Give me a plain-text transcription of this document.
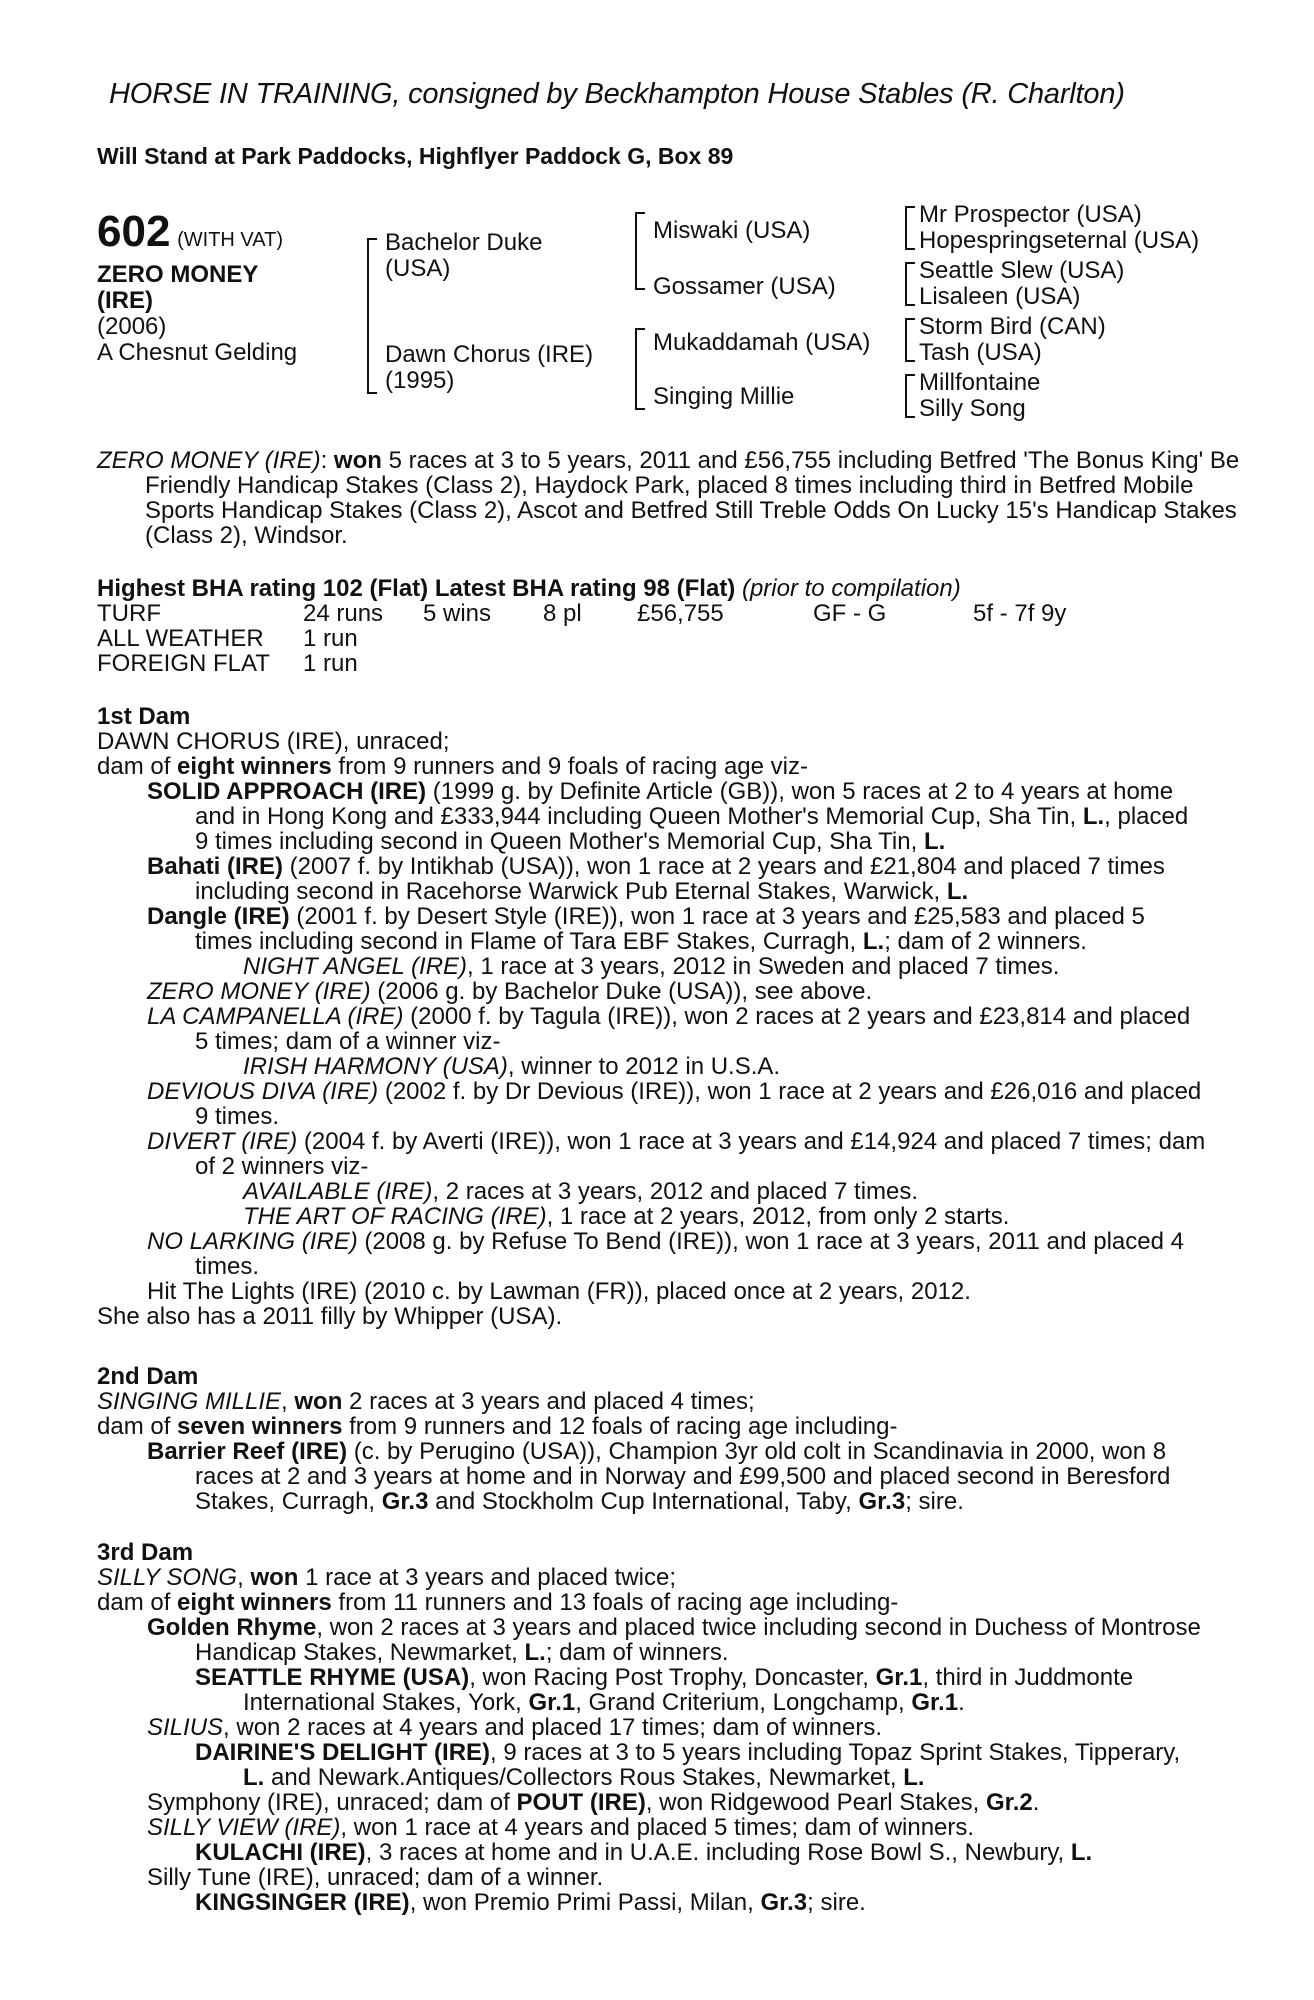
HORSE IN TRAINING, consigned by Beckhampton House Stables (R. Charlton)
Will Stand at Park Paddocks, Highflyer Paddock G, Box 89
602 (WITH VAT)
ZERO MONEY
(IRE)
(2006)
A Chesnut Gelding
Bachelor Duke
(USA)
Dawn Chorus (IRE)
(1995)
Miswaki (USA)
Gossamer (USA)
Mukaddamah (USA)
Singing Millie
Mr Prospector (USA)
Hopespringseternal (USA)
Seattle Slew (USA)
Lisaleen (USA)
Storm Bird (CAN)
Tash (USA)
Millfontaine
Silly Song
ZERO MONEY (IRE): won 5 races at 3 to 5 years, 2011 and £56,755 including Betfred 'The Bonus King' Be Friendly Handicap Stakes (Class 2), Haydock Park, placed 8 times including third in Betfred Mobile Sports Handicap Stakes (Class 2), Ascot and Betfred Still Treble Odds On Lucky 15's Handicap Stakes (Class 2), Windsor.
Highest BHA rating 102 (Flat) Latest BHA rating 98 (Flat) (prior to compilation)
TURF	24 runs	5 wins	8 pl	£56,755	GF - G	5f - 7f 9y
ALL WEATHER	1 run					
FOREIGN FLAT	1 run					
1st Dam
DAWN CHORUS (IRE), unraced;
dam of eight winners from 9 runners and 9 foals of racing age viz-
SOLID APPROACH (IRE) (1999 g. by Definite Article (GB)), won 5 races at 2 to 4 years at home and in Hong Kong and £333,944 including Queen Mother's Memorial Cup, Sha Tin, L., placed 9 times including second in Queen Mother's Memorial Cup, Sha Tin, L.
Bahati (IRE) (2007 f. by Intikhab (USA)), won 1 race at 2 years and £21,804 and placed 7 times including second in Racehorse Warwick Pub Eternal Stakes, Warwick, L.
Dangle (IRE) (2001 f. by Desert Style (IRE)), won 1 race at 3 years and £25,583 and placed 5 times including second in Flame of Tara EBF Stakes, Curragh, L.; dam of 2 winners.
NIGHT ANGEL (IRE), 1 race at 3 years, 2012 in Sweden and placed 7 times.
ZERO MONEY (IRE) (2006 g. by Bachelor Duke (USA)), see above.
LA CAMPANELLA (IRE) (2000 f. by Tagula (IRE)), won 2 races at 2 years and £23,814 and placed 5 times; dam of a winner viz-
IRISH HARMONY (USA), winner to 2012 in U.S.A.
DEVIOUS DIVA (IRE) (2002 f. by Dr Devious (IRE)), won 1 race at 2 years and £26,016 and placed 9 times.
DIVERT (IRE) (2004 f. by Averti (IRE)), won 1 race at 3 years and £14,924 and placed 7 times; dam of 2 winners viz-
AVAILABLE (IRE), 2 races at 3 years, 2012 and placed 7 times.
THE ART OF RACING (IRE), 1 race at 2 years, 2012, from only 2 starts.
NO LARKING (IRE) (2008 g. by Refuse To Bend (IRE)), won 1 race at 3 years, 2011 and placed 4 times.
Hit The Lights (IRE) (2010 c. by Lawman (FR)), placed once at 2 years, 2012.
She also has a 2011 filly by Whipper (USA).
2nd Dam
SINGING MILLIE, won 2 races at 3 years and placed 4 times;
dam of seven winners from 9 runners and 12 foals of racing age including-
Barrier Reef (IRE) (c. by Perugino (USA)), Champion 3yr old colt in Scandinavia in 2000, won 8 races at 2 and 3 years at home and in Norway and £99,500 and placed second in Beresford Stakes, Curragh, Gr.3 and Stockholm Cup International, Taby, Gr.3; sire.
3rd Dam
SILLY SONG, won 1 race at 3 years and placed twice;
dam of eight winners from 11 runners and 13 foals of racing age including-
Golden Rhyme, won 2 races at 3 years and placed twice including second in Duchess of Montrose Handicap Stakes, Newmarket, L.; dam of winners.
SEATTLE RHYME (USA), won Racing Post Trophy, Doncaster, Gr.1, third in Juddmonte International Stakes, York, Gr.1, Grand Criterium, Longchamp, Gr.1.
SILIUS, won 2 races at 4 years and placed 17 times; dam of winners.
DAIRINE'S DELIGHT (IRE), 9 races at 3 to 5 years including Topaz Sprint Stakes, Tipperary, L. and Newark.Antiques/Collectors Rous Stakes, Newmarket, L.
Symphony (IRE), unraced; dam of POUT (IRE), won Ridgewood Pearl Stakes, Gr.2.
SILLY VIEW (IRE), won 1 race at 4 years and placed 5 times; dam of winners.
KULACHI (IRE), 3 races at home and in U.A.E. including Rose Bowl S., Newbury, L.
Silly Tune (IRE), unraced; dam of a winner.
KINGSINGER (IRE), won Premio Primi Passi, Milan, Gr.3; sire.
